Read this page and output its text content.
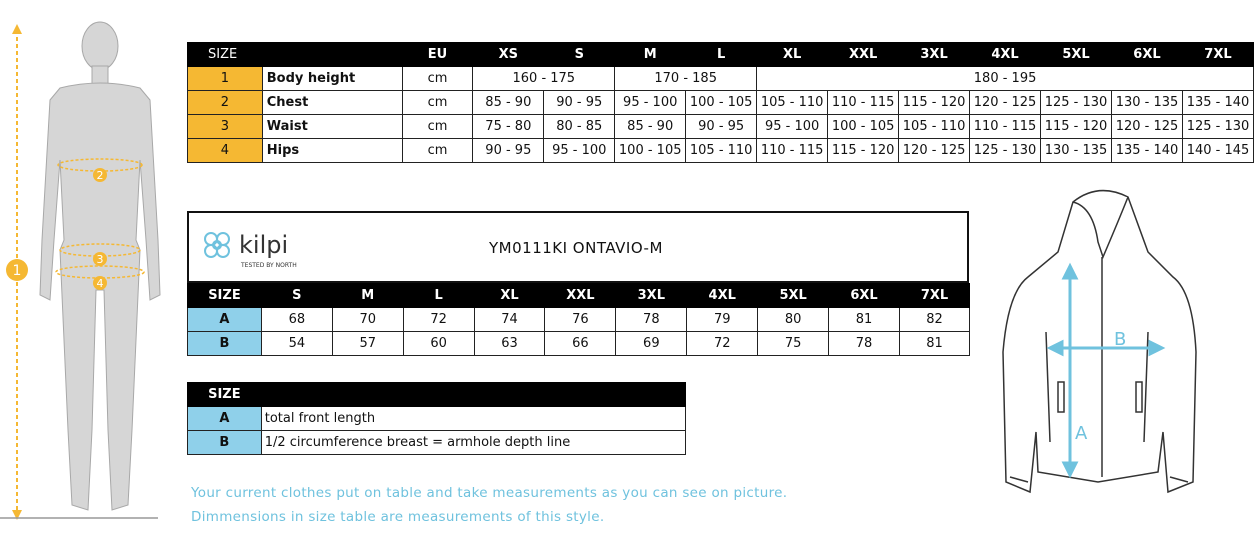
1
2
3
4
SIZE		EU	XS	S	M	L	XL	XXL	3XL	4XL	5XL	6XL	7XL
1	Body height	cm	160 - 175		170 - 185		180 - 195						
2	Chest	cm	85 - 90	90 - 95	95 - 100	100 - 105	105 - 110	110 - 115	115 - 120	120 - 125	125 - 130	130 - 135	135 - 140
3	Waist	cm	75 - 80	80 - 85	85 - 90	90 - 95	95 - 100	100 - 105	105 - 110	110 - 115	115 - 120	120 - 125	125 - 130
4	Hips	cm	90 - 95	95 - 100	100 - 105	105 - 110	110 - 115	115 - 120	120 - 125	125 - 130	130 - 135	135 - 140	140 - 145
kilpi
TESTED BY NORTH
YM0111KI ONTAVIO-M
SIZE	S	M	L	XL	XXL	3XL	4XL	5XL	6XL	7XL
A	68	70	72	74	76	78	79	80	81	82
B	54	57	60	63	66	69	72	75	78	81
SIZE	
A	total front length
B	1/2 circumference breast = armhole depth line
Your current clothes put on table and take measurements as you can see on picture.
Dimmensions in size table are measurements of this style.
A
B
